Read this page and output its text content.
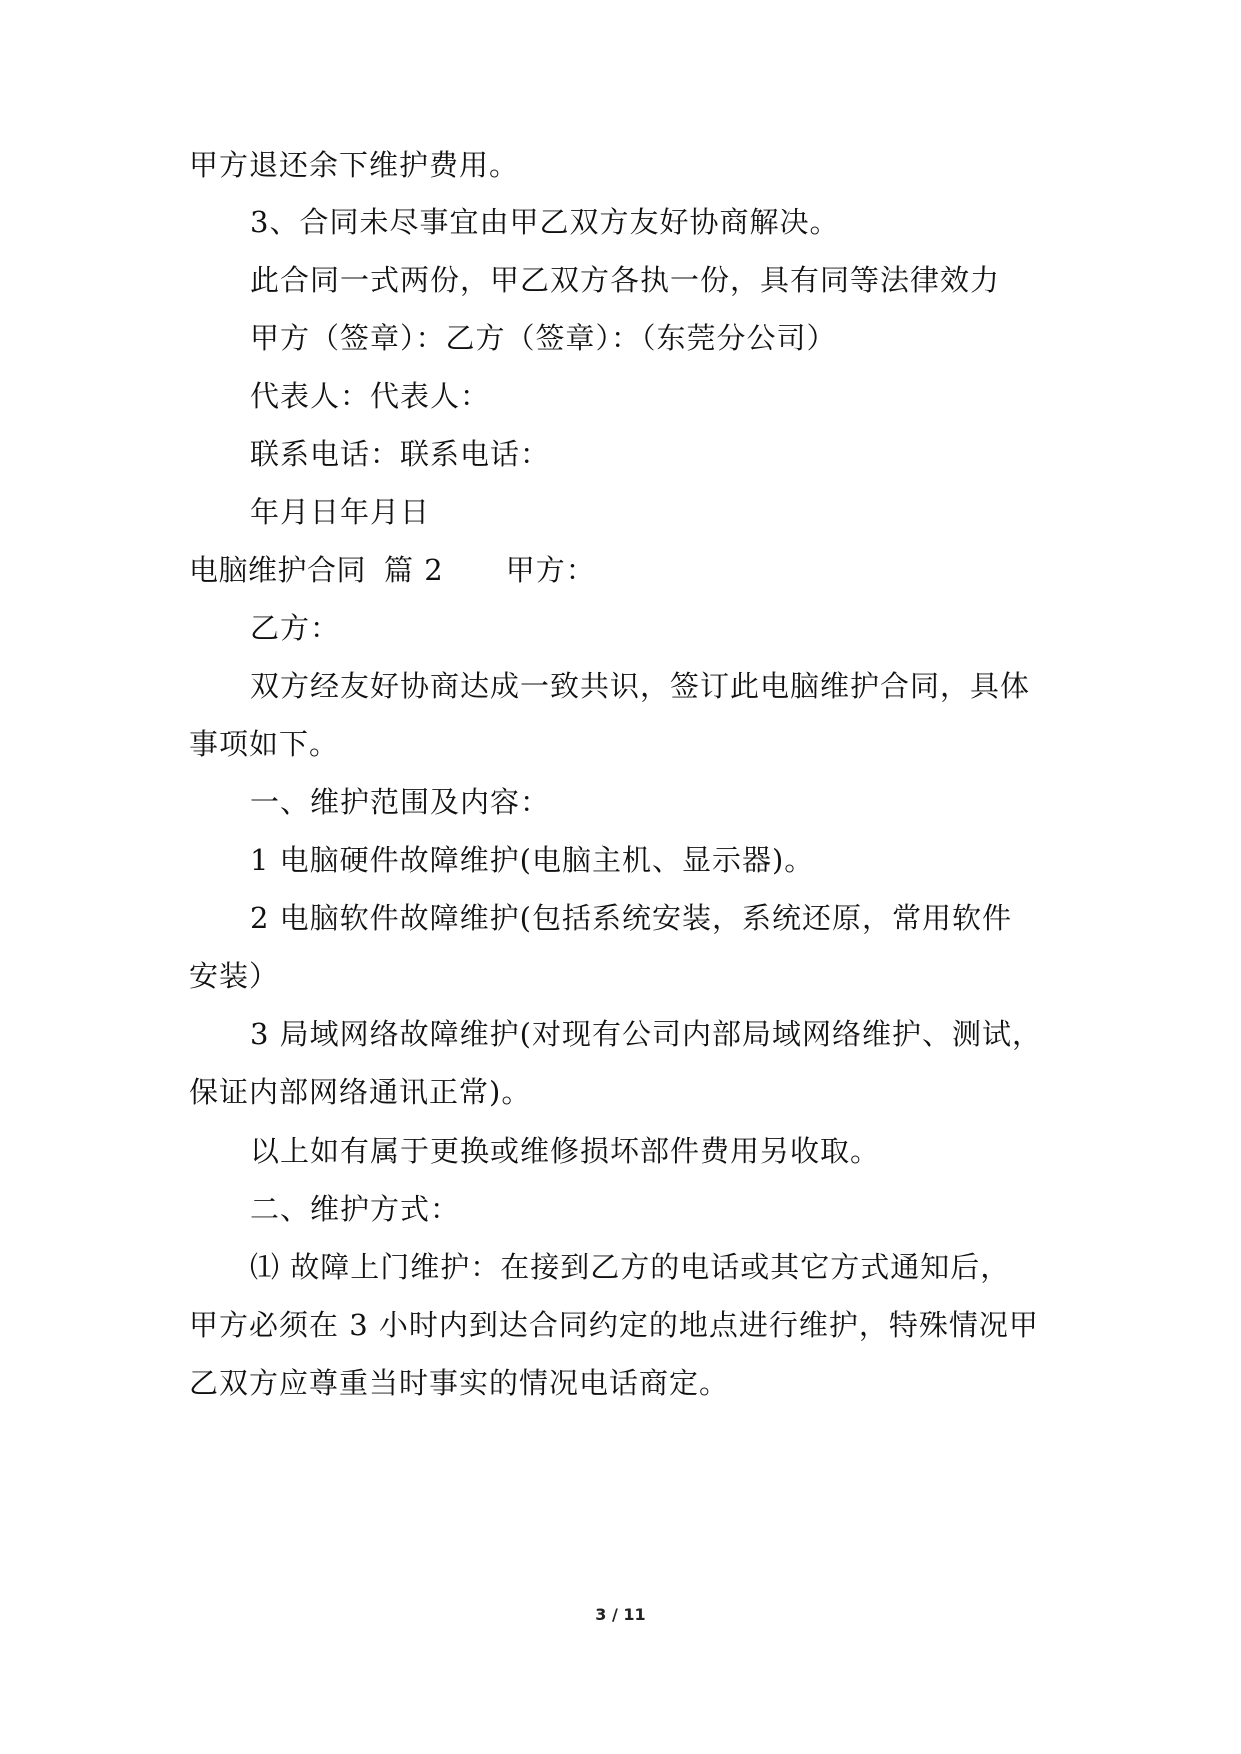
甲方退还余下维护费用。
3、合同未尽事宜由甲乙双方友好协商解决。
此合同一式两份，甲乙双方各执一份，具有同等法律效力
甲方（签章）：乙方（签章）：（东莞分公司）
代表人：代表人：
联系电话：联系电话：
年月日年月日
电脑维护合同 篇 2 甲方：
乙方：
双方经友好协商达成一致共识，签订此电脑维护合同，具体
事项如下。
一、维护范围及内容：
1 电脑硬件故障维护(电脑主机、显示器)。
2 电脑软件故障维护(包括系统安装，系统还原，常用软件
安装）
3 局域网络故障维护(对现有公司内部局域网络维护、测试，
保证内部网络通讯正常)。
以上如有属于更换或维修损坏部件费用另收取。
二、维护方式：
⑴ 故障上门维护：在接到乙方的电话或其它方式通知后，
甲方必须在 3 小时内到达合同约定的地点进行维护，特殊情况甲
乙双方应尊重当时事实的情况电话商定。
3 / 11
